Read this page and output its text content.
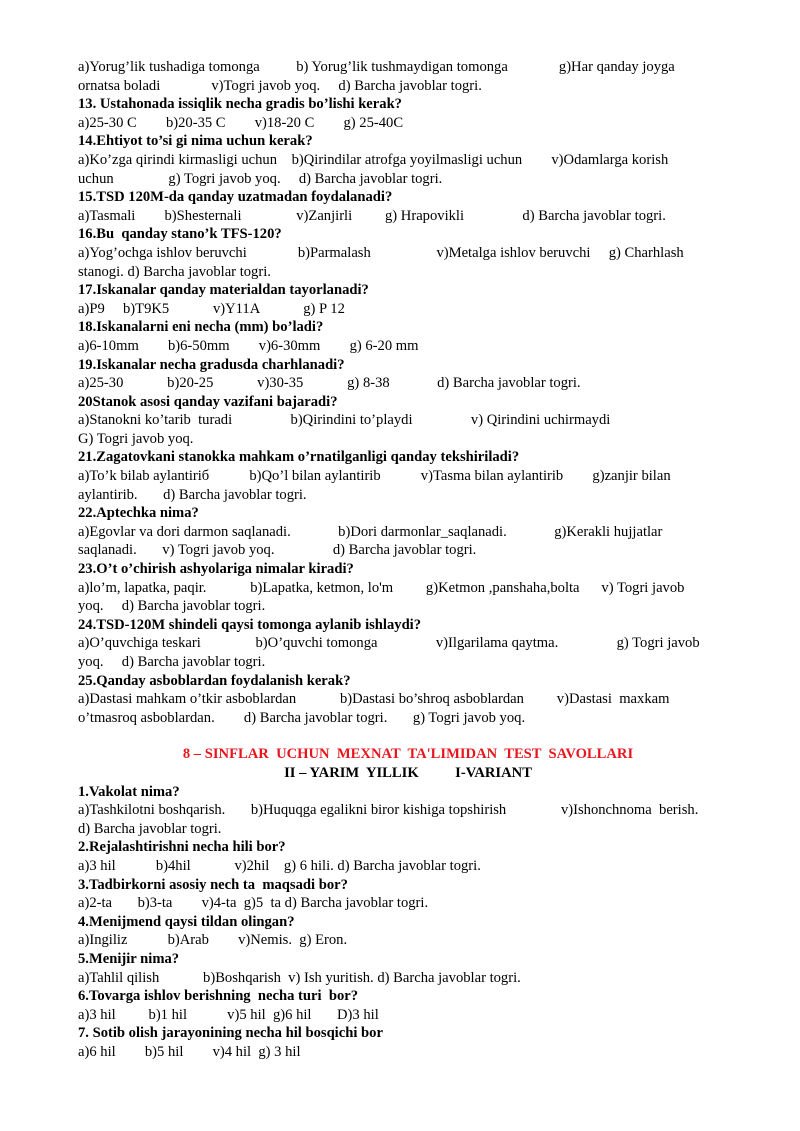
a)Yorug’lik tushadiga tomonga          b) Yorug’lik tushmaydigan tomonga              g)Har qanday joyga
ornatsa boladi              v)Togri javob yoq.     d) Barcha javoblar togri.
13. Ustahonada issiqlik necha gradis bo’lishi kerak?
a)25-30 C        b)20-35 C        v)18-20 C        g) 25-40C
14.Ehtiyot to’si gi nima uchun kerak?
a)Ko’zga qirindi kirmasligi uchun    b)Qirindilar atrofga yoyilmasligi uchun        v)Odamlarga korish
uchun               g) Togri javob yoq.     d) Barcha javoblar togri.
15.TSD 120M-da qanday uzatmadan foydalanadi?
a)Tasmali        b)Shesternali               v)Zanjirli         g) Hrapovikli                d) Barcha javoblar togri.
16.Bu  qanday stano’k TFS-120?
a)Yog’ochga ishlov beruvchi              b)Parmalash                  v)Metalga ishlov beruvchi     g) Charhlash
stanogi. d) Barcha javoblar togri.
17.Iskanalar qanday materialdan tayorlanadi?
a)P9     b)T9K5            v)Y11A            g) P 12
18.Iskanalarni eni necha (mm) bo’ladi?
a)6-10mm        b)6-50mm        v)6-30mm        g) 6-20 mm
19.Iskanalar necha gradusda charhlanadi?
a)25-30            b)20-25            v)30-35            g) 8-38             d) Barcha javoblar togri.
20Stanok asosi qanday vazifani bajaradi?
a)Stanokni ko’tarib  turadi                b)Qirindini to’playdi                v) Qirindini uchirmaydi
G) Togri javob yoq.
21.Zagatovkani stanokka mahkam o’rnatilganligi qanday tekshiriladi?
a)To’k bilab aylantiriб           b)Qo’l bilan aylantirib           v)Tasma bilan aylantirib        g)zanjir bilan
aylantirib.       d) Barcha javoblar togri.
22.Aptechka nima?
a)Egovlar va dori darmon saqlanadi.             b)Dori darmonlar_saqlanadi.             g)Kerakli hujjatlar
saqlanadi.       v) Togri javob yoq.                d) Barcha javoblar togri.
23.O’t o’chirish ashyolariga nimalar kiradi?
a)lo’m, lapatka, paqir.            b)Lapatka, ketmon, lo'm         g)Ketmon ,panshaha,bolta      v) Togri javob
yoq.     d) Barcha javoblar togri.
24.TSD-120M shindeli qaysi tomonga aylanib ishlaydi?
a)O’quvchiga teskari               b)O’quvchi tomonga                v)Ilgarilama qaytma.                g) Togri javob
yoq.     d) Barcha javoblar togri.
25.Qanday asboblardan foydalanish kerak?
a)Dastasi mahkam o’tkir asboblardan            b)Dastasi bo’shroq asboblardan         v)Dastasi  maxkam
o’tmasroq asboblardan.        d) Barcha javoblar togri.       g) Togri javob yoq.
8 – SINFLAR  UCHUN  MEXNAT  TA'LIMIDAN  TEST  SAVOLLARI
II – YARIM  YILLIK          I-VARIANT
1.Vakolat nima?
a)Tashkilotni boshqarish.       b)Huquqga egalikni biror kishiga topshirish               v)Ishonchnoma  berish.
d) Barcha javoblar togri.
2.Rejalashtirishni necha hili bor?
a)3 hil           b)4hil            v)2hil    g) 6 hili. d) Barcha javoblar togri.
3.Tadbirkorni asosiy nech ta  maqsadi bor?
a)2-ta       b)3-ta        v)4-ta  g)5  ta d) Barcha javoblar togri.
4.Menijmend qaysi tildan olingan?
a)Ingiliz           b)Arab        v)Nemis.  g) Eron.
5.Menijir nima?
a)Tahlil qilish            b)Boshqarish  v) Ish yuritish. d) Barcha javoblar togri.
6.Tovarga ishlov berishning  necha turi  bor?
a)3 hil         b)1 hil           v)5 hil  g)6 hil       D)3 hil
7. Sotib olish jarayonining necha hil bosqichi bor
a)6 hil        b)5 hil        v)4 hil  g) 3 hil
